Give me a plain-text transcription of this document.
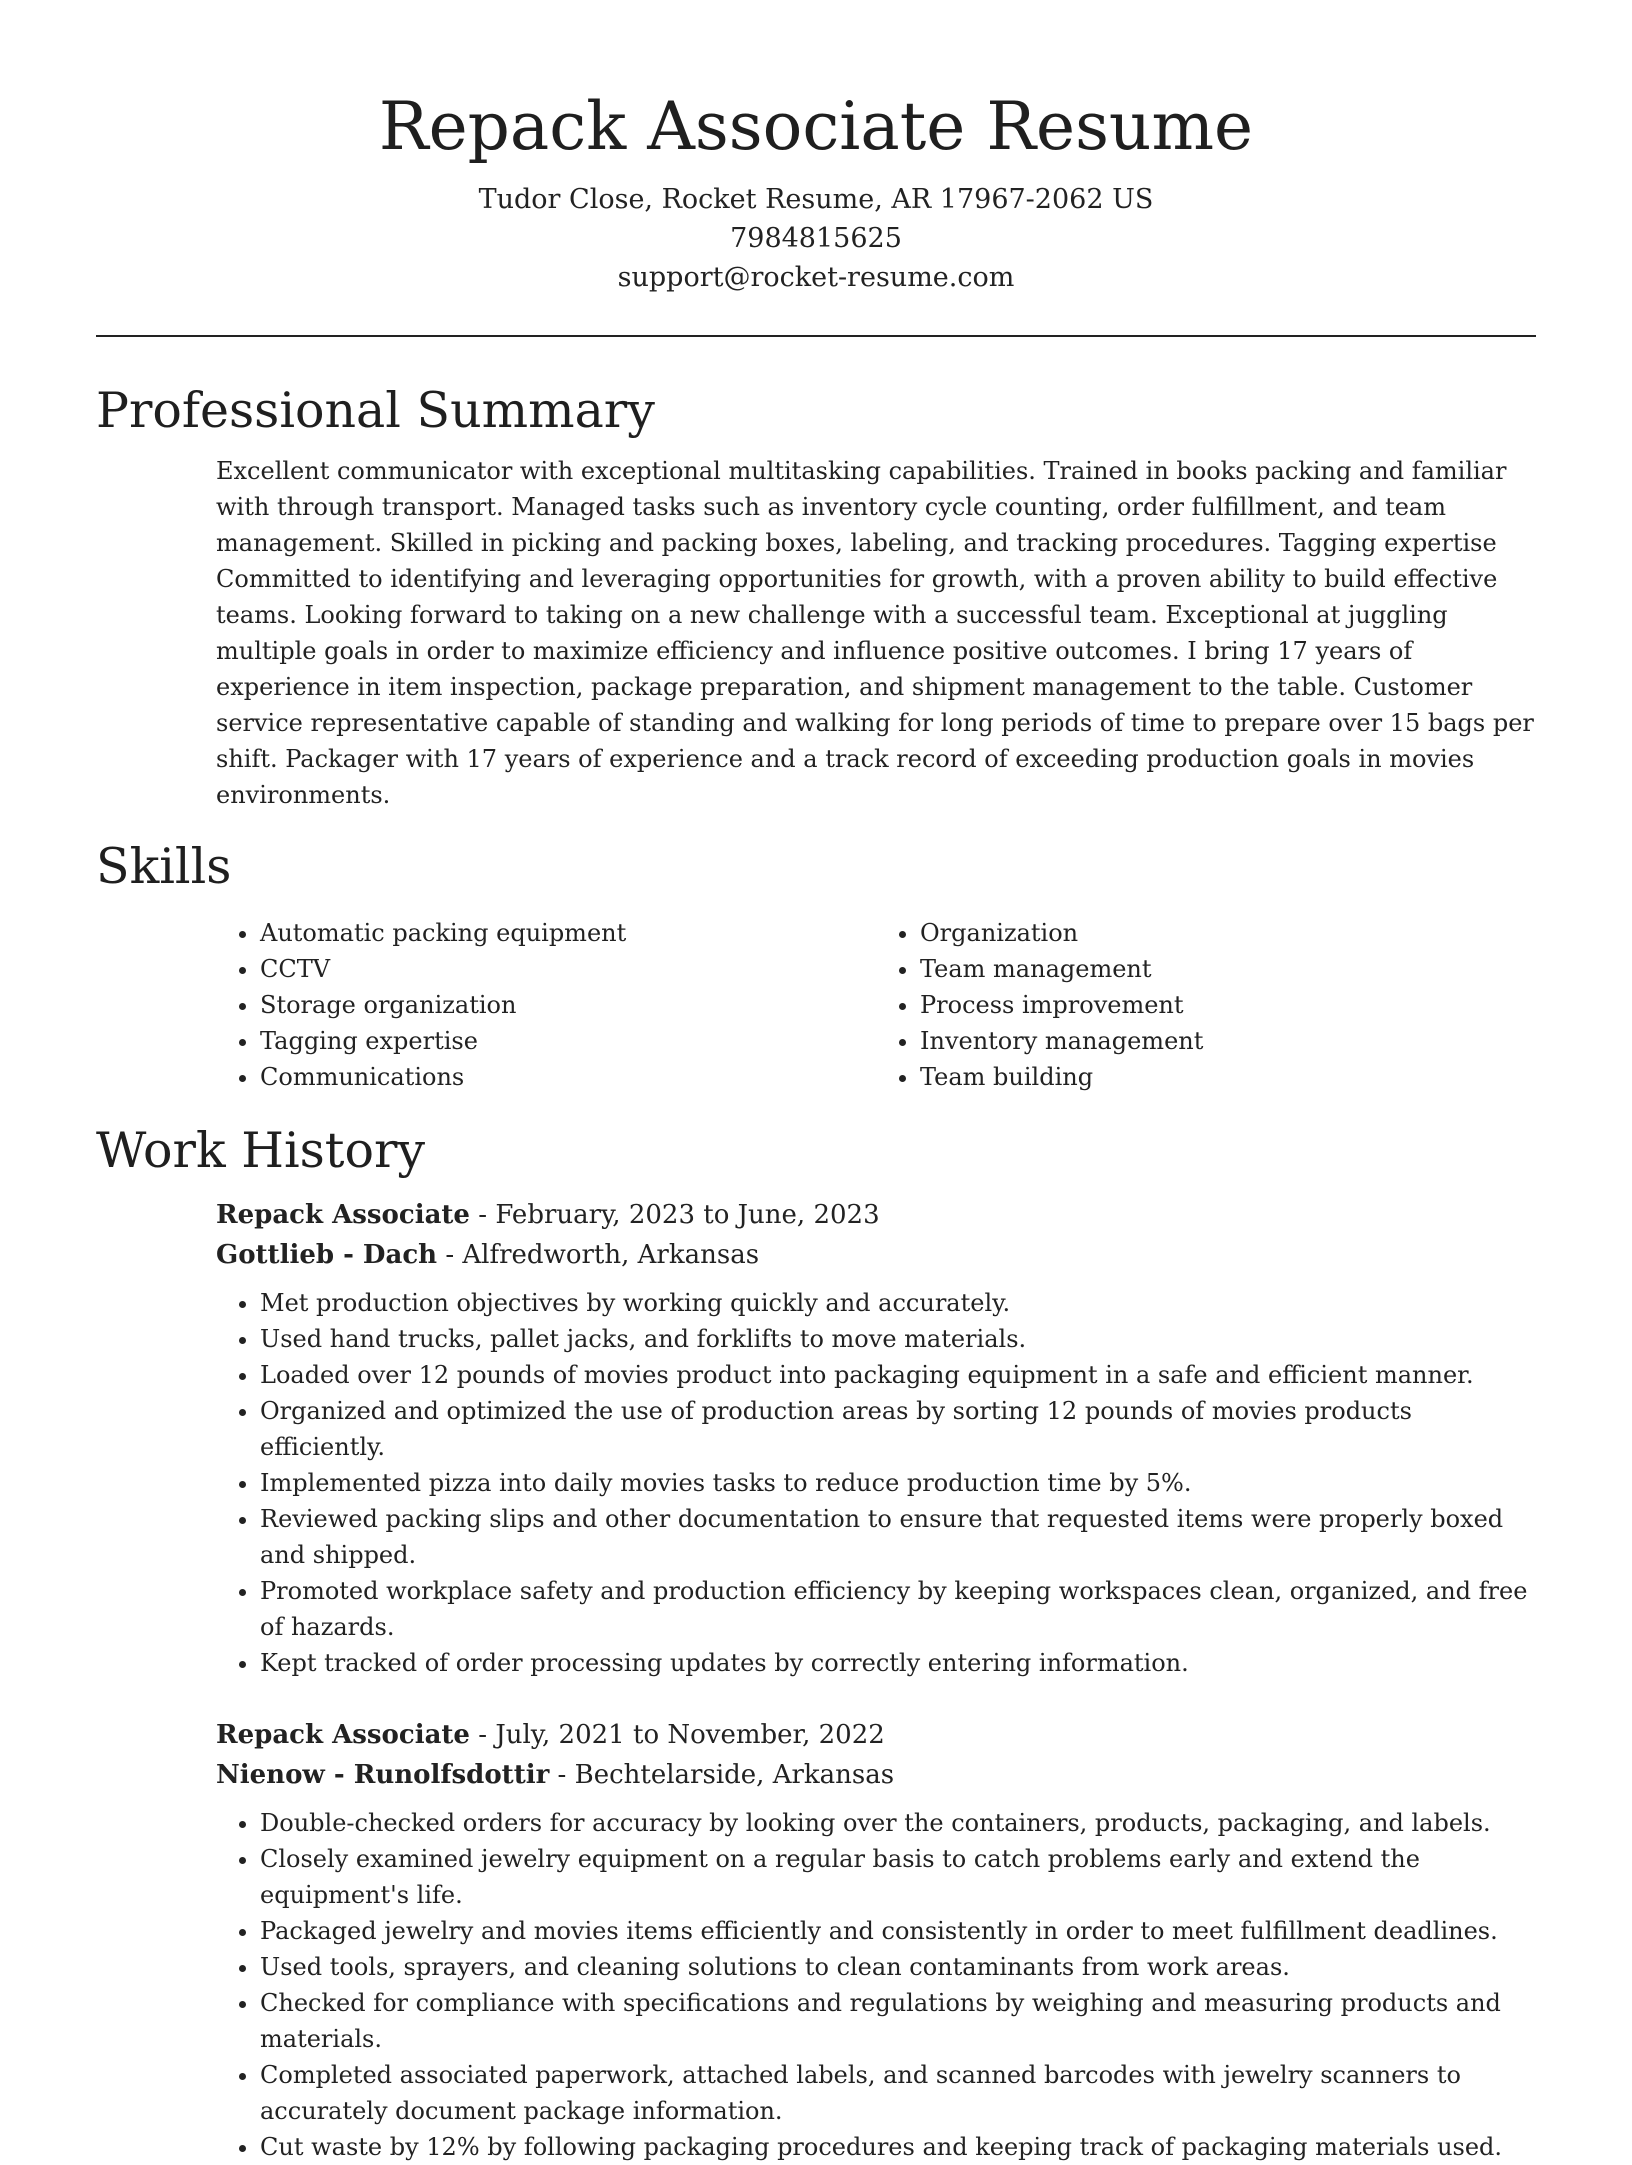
Repack Associate Resume
Tudor Close, Rocket Resume, AR 17967-2062 US
7984815625
support@rocket-resume.com
Professional Summary
Excellent communicator with exceptional multitasking capabilities. Trained in books packing and familiar with through transport. Managed tasks such as inventory cycle counting, order fulfillment, and team management. Skilled in picking and packing boxes, labeling, and tracking procedures. Tagging expertise Committed to identifying and leveraging opportunities for growth, with a proven ability to build effective teams. Looking forward to taking on a new challenge with a successful team. Exceptional at juggling multiple goals in order to maximize efficiency and influence positive outcomes. I bring 17 years of experience in item inspection, package preparation, and shipment management to the table. Customer service representative capable of standing and walking for long periods of time to prepare over 15 bags per shift. Packager with 17 years of experience and a track record of exceeding production goals in movies environments.
Skills
• Automatic packing equipment
• CCTV
• Storage organization
• Tagging expertise
• Communications
• Organization
• Team management
• Process improvement
• Inventory management
• Team building
Work History
Repack Associate - February, 2023 to June, 2023
Gottlieb - Dach - Alfredworth, Arkansas
• Met production objectives by working quickly and accurately.
• Used hand trucks, pallet jacks, and forklifts to move materials.
• Loaded over 12 pounds of movies product into packaging equipment in a safe and efficient manner.
• Organized and optimized the use of production areas by sorting 12 pounds of movies products efficiently.
• Implemented pizza into daily movies tasks to reduce production time by 5%.
• Reviewed packing slips and other documentation to ensure that requested items were properly boxed and shipped.
• Promoted workplace safety and production efficiency by keeping workspaces clean, organized, and free of hazards.
• Kept tracked of order processing updates by correctly entering information.
Repack Associate - July, 2021 to November, 2022
Nienow - Runolfsdottir - Bechtelarside, Arkansas
• Double-checked orders for accuracy by looking over the containers, products, packaging, and labels.
• Closely examined jewelry equipment on a regular basis to catch problems early and extend the equipment's life.
• Packaged jewelry and movies items efficiently and consistently in order to meet fulfillment deadlines.
• Used tools, sprayers, and cleaning solutions to clean contaminants from work areas.
• Checked for compliance with specifications and regulations by weighing and measuring products and materials.
• Completed associated paperwork, attached labels, and scanned barcodes with jewelry scanners to accurately document package information.
• Cut waste by 12% by following packaging procedures and keeping track of packaging materials used.
